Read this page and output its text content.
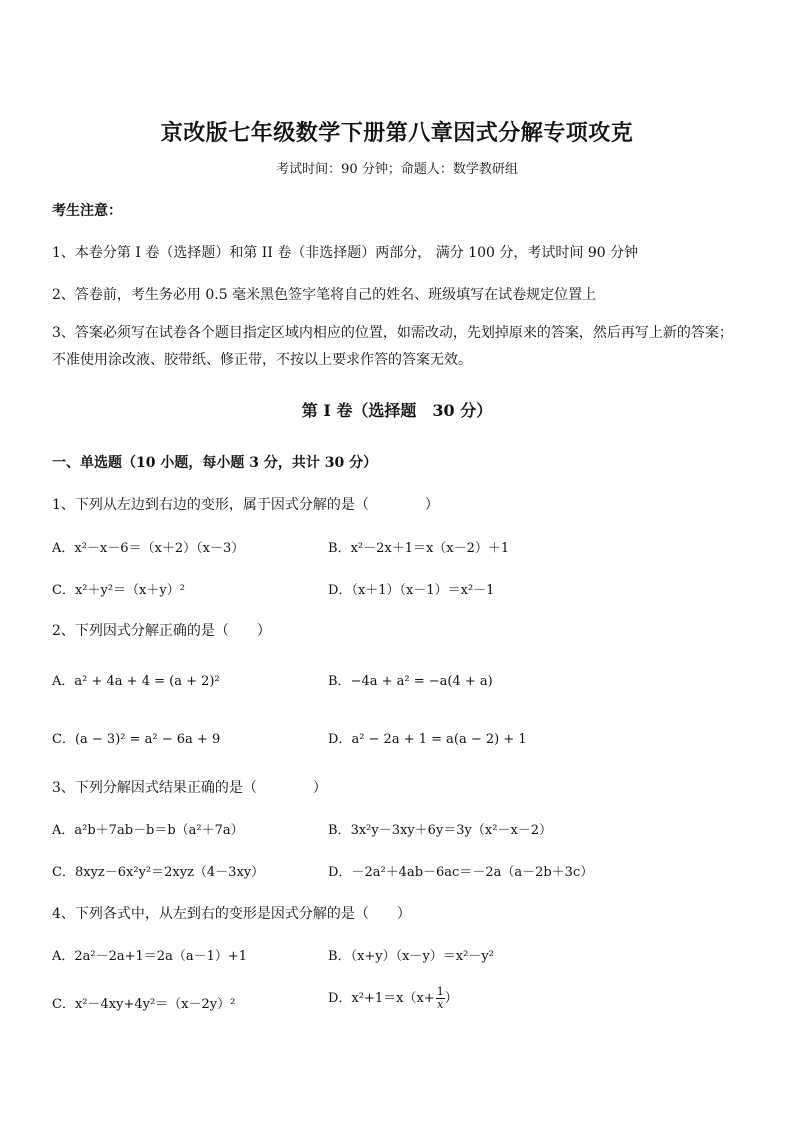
京改版七年级数学下册第八章因式分解专项攻克
考试时间：90 分钟；命题人：数学教研组
考生注意：
1、本卷分第 I 卷（选择题）和第 II 卷（非选择题）两部分， 满分 100 分，考试时间 90 分钟
2、答卷前，考生务必用 0.5 毫米黑色签字笔将自己的姓名、班级填写在试卷规定位置上
3、答案必须写在试卷各个题目指定区域内相应的位置，如需改动，先划掉原来的答案，然后再写上新的答案；不准使用涂改液、胶带纸、修正带，不按以上要求作答的答案无效。
第 I 卷（选择题　30 分）
一、单选题（10 小题，每小题 3 分，共计 30 分）
1、下列从左边到右边的变形，属于因式分解的是（　　　　）
A．x²－x－6＝（x＋2）（x－3）	B．x²－2x＋1＝x（x－2）＋1
C．x²＋y²＝（x＋y）²	D．（x＋1）（x－1）＝x²－1
2、下列因式分解正确的是（　　）
A．a² + 4a + 4 = (a + 2)²	B．−4a + a² = −a(4 + a)
C．(a − 3)² = a² − 6a + 9	D．a² − 2a + 1 = a(a − 2) + 1
3、下列分解因式结果正确的是（　　　　）
A．a²b＋7ab－b＝b（a²＋7a）	B．3x²y－3xy＋6y＝3y（x²－x－2）
C．8xyz－6x²y²＝2xyz（4－3xy）	D．－2a²＋4ab－6ac＝－2a（a－2b＋3c）
4、下列各式中，从左到右的变形是因式分解的是（　　）
A．2a²－2a+1＝2a（a－1）+1	B．（x+y）（x－y）＝x²－y²
C．x²－4xy+4y²＝（x－2y）²	D．$x^2+1=x(x+ \frac{1}{x}$ ）
